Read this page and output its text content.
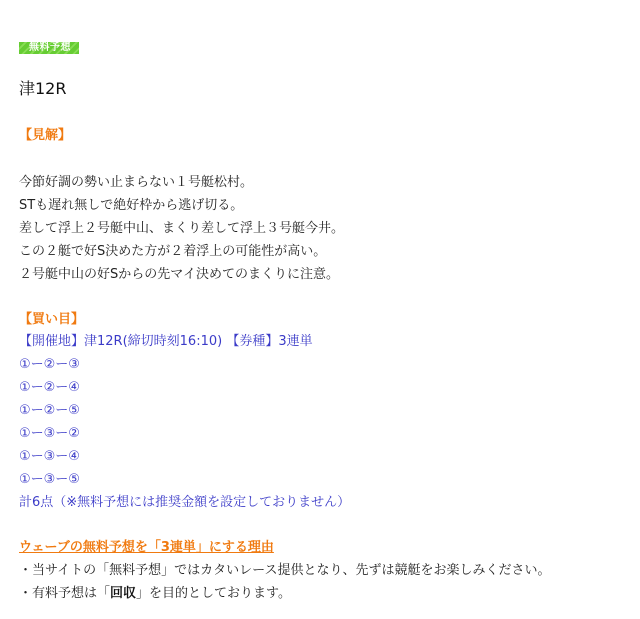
無料予想
津12R
【見解】
今節好調の勢い止まらない１号艇松村。
STも遅れ無しで絶好枠から逃げ切る。
差して浮上２号艇中山、まくり差して浮上３号艇今井。
この２艇で好S決めた方が２着浮上の可能性が高い。
２号艇中山の好Sからの先マイ決めてのまくりに注意。
【買い目】
【開催地】津12R(締切時刻16:10) 【券種】3連単
①ー②ー③
①ー②ー④
①ー②ー⑤
①ー③ー②
①ー③ー④
①ー③ー⑤
計6点（※無料予想には推奨金額を設定しておりません）
ウェーブの無料予想を「3連単」にする理由
・当サイトの「無料予想」ではカタいレース提供となり、先ずは競艇をお楽しみください。
・有料予想は「回収」を目的としております。
